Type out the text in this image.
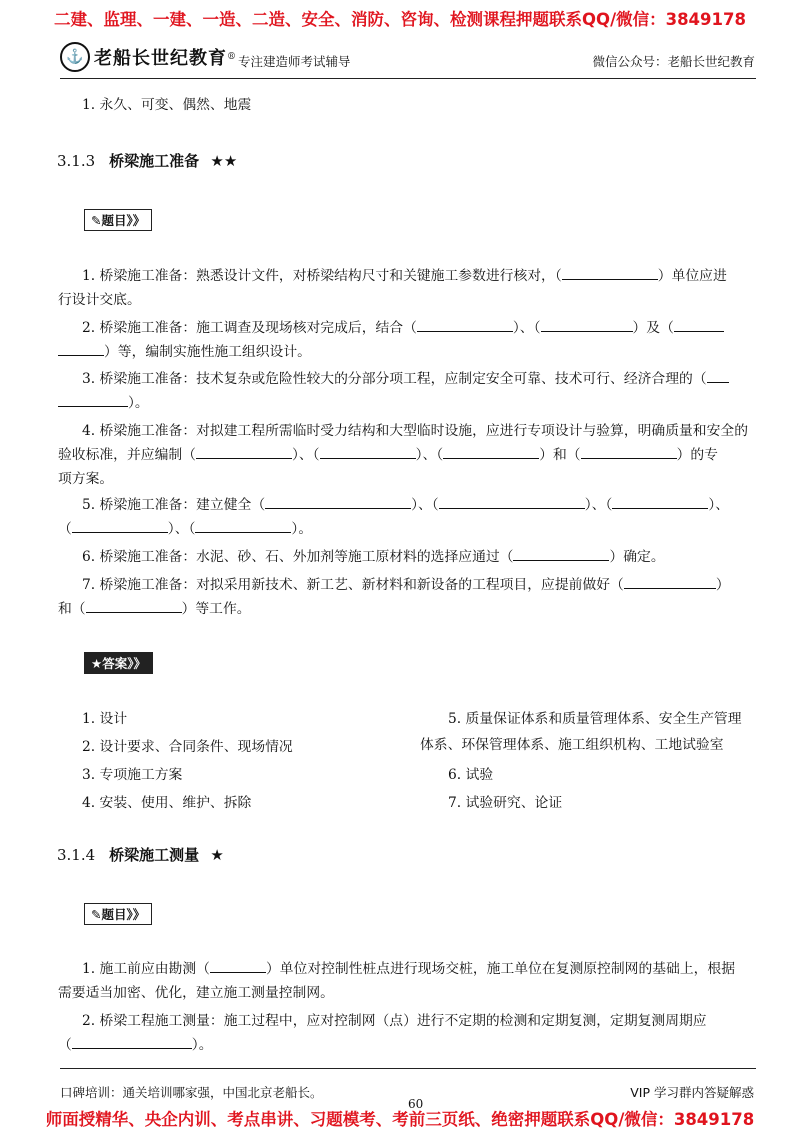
二建、监理、一建、一造、二造、安全、消防、咨询、检测课程押题联系QQ/微信：3849178
⚓ 老船长世纪教育 ® 专注建造师考试辅导	微信公众号：老船长世纪教育
1. 永久、可变、偶然、地震
3.1.3 桥梁施工准备 ★★
✎题目》》
1. 桥梁施工准备：熟悉设计文件，对桥梁结构尺寸和关键施工参数进行核对，（	）单位应进
行设计交底。
2. 桥梁施工准备：施工调查及现场核对完成后，结合（	）、（	）及（
）等，编制实施性施工组织设计。
3. 桥梁施工准备：技术复杂或危险性较大的分部分项工程，应制定安全可靠、技术可行、经济合理的（
）。
4. 桥梁施工准备：对拟建工程所需临时受力结构和大型临时设施，应进行专项设计与验算，明确质量和安全的
验收标准，并应编制（	）、（	）、（	）和（	）的专
项方案。
5. 桥梁施工准备：建立健全（	）、（	）、（	）、
（	）、（	）。
6. 桥梁施工准备：水泥、砂、石、外加剂等施工原材料的选择应通过（	）确定。
7. 桥梁施工准备：对拟采用新技术、新工艺、新材料和新设备的工程项目，应提前做好（	）
和（	）等工作。
★答案》》
1. 设计
2. 设计要求、合同条件、现场情况
3. 专项施工方案
4. 安装、使用、维护、拆除
5. 质量保证体系和质量管理体系、安全生产管理
体系、环保管理体系、施工组织机构、工地试验室
6. 试验
7. 试验研究、论证
3.1.4 桥梁施工测量 ★
✎题目》》
1. 施工前应由勘测（	）单位对控制性桩点进行现场交桩，施工单位在复测原控制网的基础上，根据
需要适当加密、优化，建立施工测量控制网。
2. 桥梁工程施工测量：施工过程中，应对控制网（点）进行不定期的检测和定期复测，定期复测周期应
（	）。
口碑培训：通关培训哪家强，中国北京老船长。	VIP 学习群内答疑解惑
60
师面授精华、央企内训、考点串讲、习题模考、考前三页纸、绝密押题联系QQ/微信：3849178
